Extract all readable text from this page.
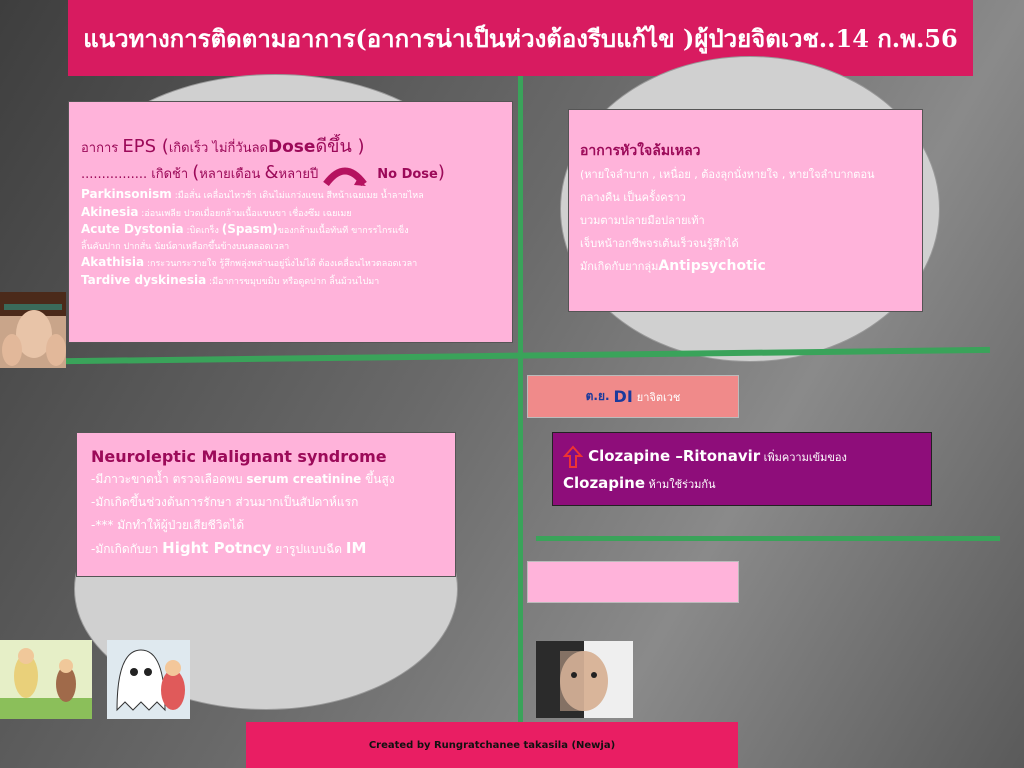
แนวทางการติดตามอาการ(อาการน่าเป็นห่วงต้องรีบแก้ไข )ผู้ป่วยจิตเวช..14 ก.พ.56
อาการ EPS (เกิดเร็ว ไม่กี่วันลดDoseดีขึ้น )
................ เกิดช้า (หลายเดือน &หลายปี	No Dose)
Parkinsonism :มือสั่น เคลื่อนไหวช้า เดินไม่แกว่งแขน สีหน้าเฉยเมย น้ำลายไหล
Akinesia :อ่อนเพลีย ปวดเมื่อยกล้ามเนื้อแขนขา เชื่องซึม เฉยเมย
Acute Dystonia :บิดเกร็ง (Spasm)ของกล้ามเนื้อทันที ขากรรไกรแข็ง
ลิ้นคับปาก ปากสั่น นัยน์ตาเหลือกขึ้นข้างบนตลอดเวลา
Akathisia :กระวนกระวายใจ รู้สึกพลุ่งพล่านอยู่นิ่งไม่ได้ ต้องเคลื่อนไหวตลอดเวลา
Tardive dyskinesia :มีอาการขมุบขมิบ หรือดูดปาก ลิ้นม้วนไปมา
อาการหัวใจล้มเหลว
(หายใจลำบาก , เหนื่อย , ต้องลุกนั่งหายใจ , หายใจลำบากตอน
กลางคืน เป็นครั้งคราว
บวมตามปลายมือปลายเท้า
เจ็บหน้าอกชีพจรเต้นเร็วจนรู้สึกได้
มักเกิดกับยากลุ่มAntipsychotic
ต.ย. DI ยาจิตเวช
Clozapine –Ritonavir เพิ่มความเข้มของ
Clozapine ห้ามใช้ร่วมกัน
Neuroleptic Malignant syndrome
-มีภาวะขาดน้ำ ตรวจเลือดพบ serum creatinine ขึ้นสูง
-มักเกิดขึ้นช่วงต้นการรักษา ส่วนมากเป็นสัปดาห์แรก
-*** มักทำให้ผู้ป่วยเสียชีวิตได้
-มักเกิดกับยา Hight Potncy ยารูปแบบฉีด IM
Created by Rungratchanee takasila (Newja)
